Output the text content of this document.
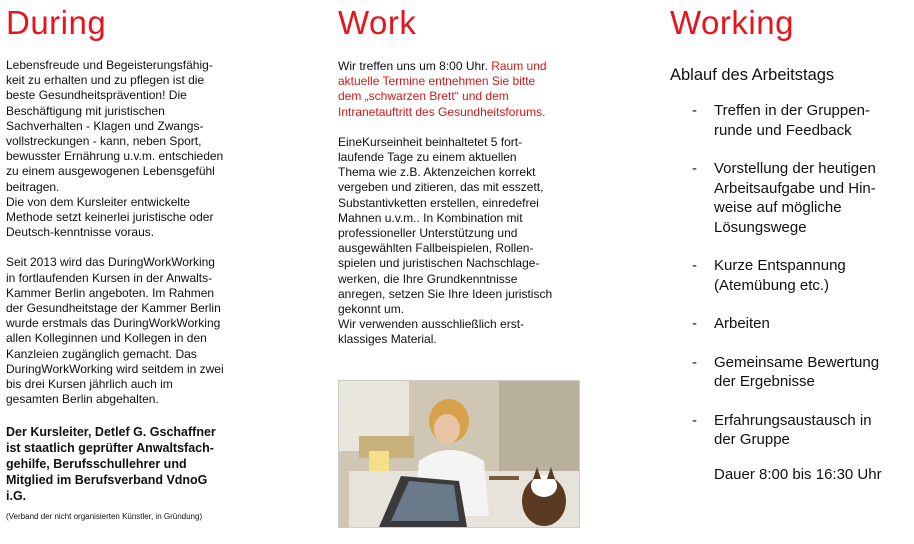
During
Lebensfreude und Begeisterungsfähig-
keit zu erhalten und zu pflegen ist die
beste Gesundheitsprävention! Die
Beschäftigung mit juristischen
Sachverhalten - Klagen und Zwangs-
vollstreckungen - kann, neben Sport,
bewusster Ernährung u.v.m. entschieden
zu einem ausgewogenen Lebensgefühl
beitragen.
Die von dem Kursleiter entwickelte
Methode setzt keinerlei juristische oder
Deutsch-kenntnisse voraus.
Seit 2013 wird das DuringWorkWorking
in fortlaufenden Kursen in der Anwalts-
Kammer Berlin angeboten. Im Rahmen
der Gesundheitstage der Kammer Berlin
wurde erstmals das DuringWorkWorking
allen Kolleginnen und Kollegen in den
Kanzleien zugänglich gemacht. Das
DuringWorkWorking wird seitdem in zwei
bis drei Kursen jährlich auch im
gesamten Berlin abgehalten.
Der Kursleiter, Detlef G. Gschaffner
ist staatlich geprüfter Anwaltsfach-
gehilfe, Berufsschullehrer und
Mitglied im Berufsverband VdnoG
i.G.
(Verband der nicht organisierten Künstler, in Gründung)
Work
Wir treffen uns um 8:00 Uhr. Raum und
aktuelle Termine entnehmen Sie bitte
dem „schwarzen Brett“ und dem
Intranetauftritt des Gesundheitsforums.
EineKurseinheit beinhaltetet 5 fort-
laufende Tage zu einem aktuellen
Thema wie z.B. Aktenzeichen korrekt
vergeben und zitieren, das mit esszett,
Substantivketten erstellen, einredefrei
Mahnen u.v.m.. In Kombination mit
professioneller Unterstützung und
ausgewählten Fallbeispielen, Rollen-
spielen und juristischen Nachschlage-
werken, die Ihre Grundkenntnisse
anregen, setzen Sie Ihre Ideen juristisch
gekonnt um.
Wir verwenden ausschließlich erst-
klassiges Material.
Working
Ablauf des Arbeitstags
- Treffen in der Gruppen-
runde und Feedback
- Vorstellung der heutigen
Arbeitsaufgabe und Hin-
weise auf mögliche
Lösungswege
- Kurze Entspannung
(Atemübung etc.)
- Arbeiten
- Gemeinsame Bewertung
der Ergebnisse
- Erfahrungsaustausch in
der Gruppe
Dauer 8:00 bis 16:30 Uhr
